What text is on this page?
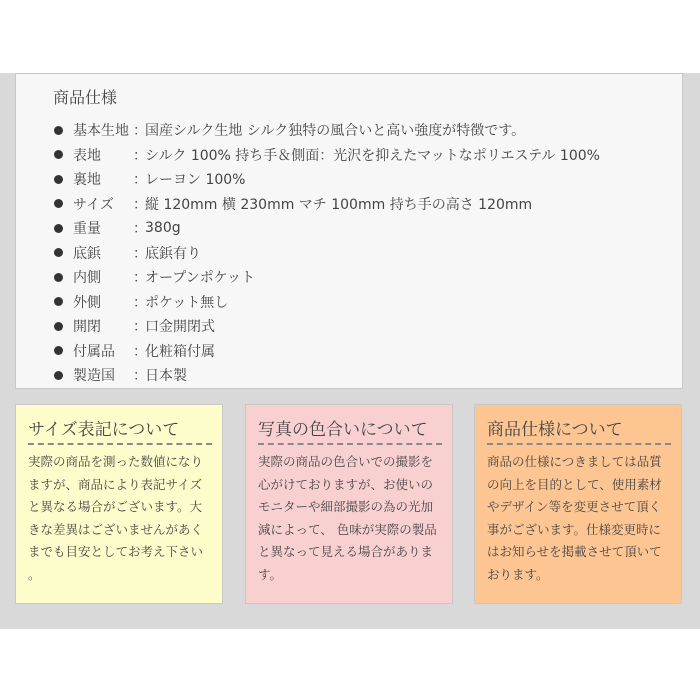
商品仕様
基本生地 ：
国産シルク生地 シルク独特の風合いと高い強度が特徴です。
表地	：
シルク 100% 持ち手＆側面：光沢を抑えたマットなポリエステル 100%
裏地	：
レーヨン 100%
サイズ	：
縦 120mm 横 230mm マチ 100mm 持ち手の高さ 120mm
重量	：
380g
底鋲	：
底鋲有り
内側	：
オープンポケット
外側	：
ポケット無し
開閉	：
口金開閉式
付属品	：
化粧箱付属
製造国	：
日本製
サイズ表記について
実際の商品を測った数値になりますが、商品により表記サイズと異なる場合がございます。大きな差異はございませんがあくまでも目安としてお考え下さい 。
写真の色合いについて
実際の商品の色合いでの撮影を心がけておりますが、お使いのモニターや細部撮影の為の光加減によって、 色味が実際の製品と異なって見える場合があります。
商品仕様について
商品の仕様につきましては品質の向上を目的として、使用素材やデザイン等を変更させて頂く事がございます。仕様変更時にはお知らせを掲載させて頂いております。
